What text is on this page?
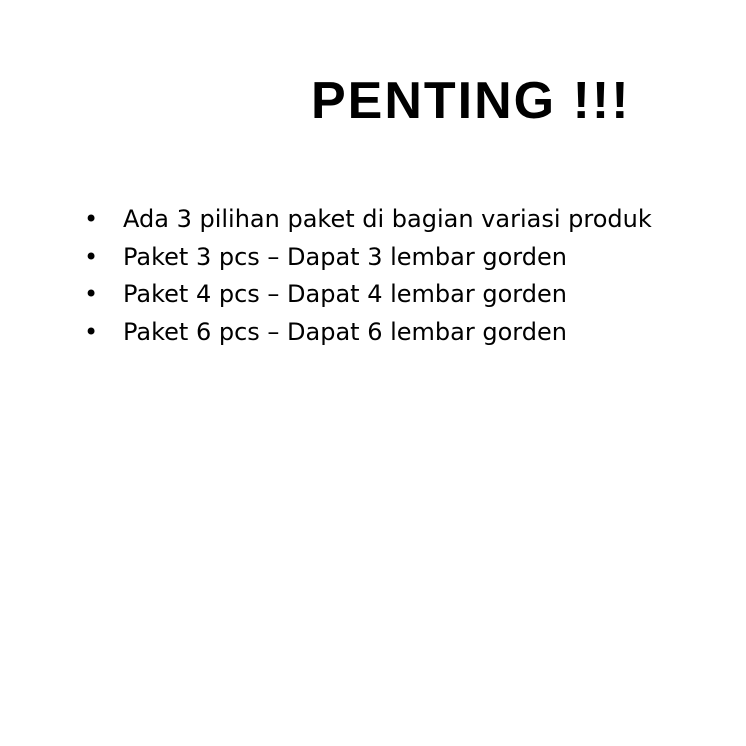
PENTING !!!
• Ada 3 pilihan paket di bagian variasi produk
• Paket 3 pcs – Dapat 3 lembar gorden
• Paket 4 pcs – Dapat 4 lembar gorden
• Paket 6 pcs – Dapat 6 lembar gorden
